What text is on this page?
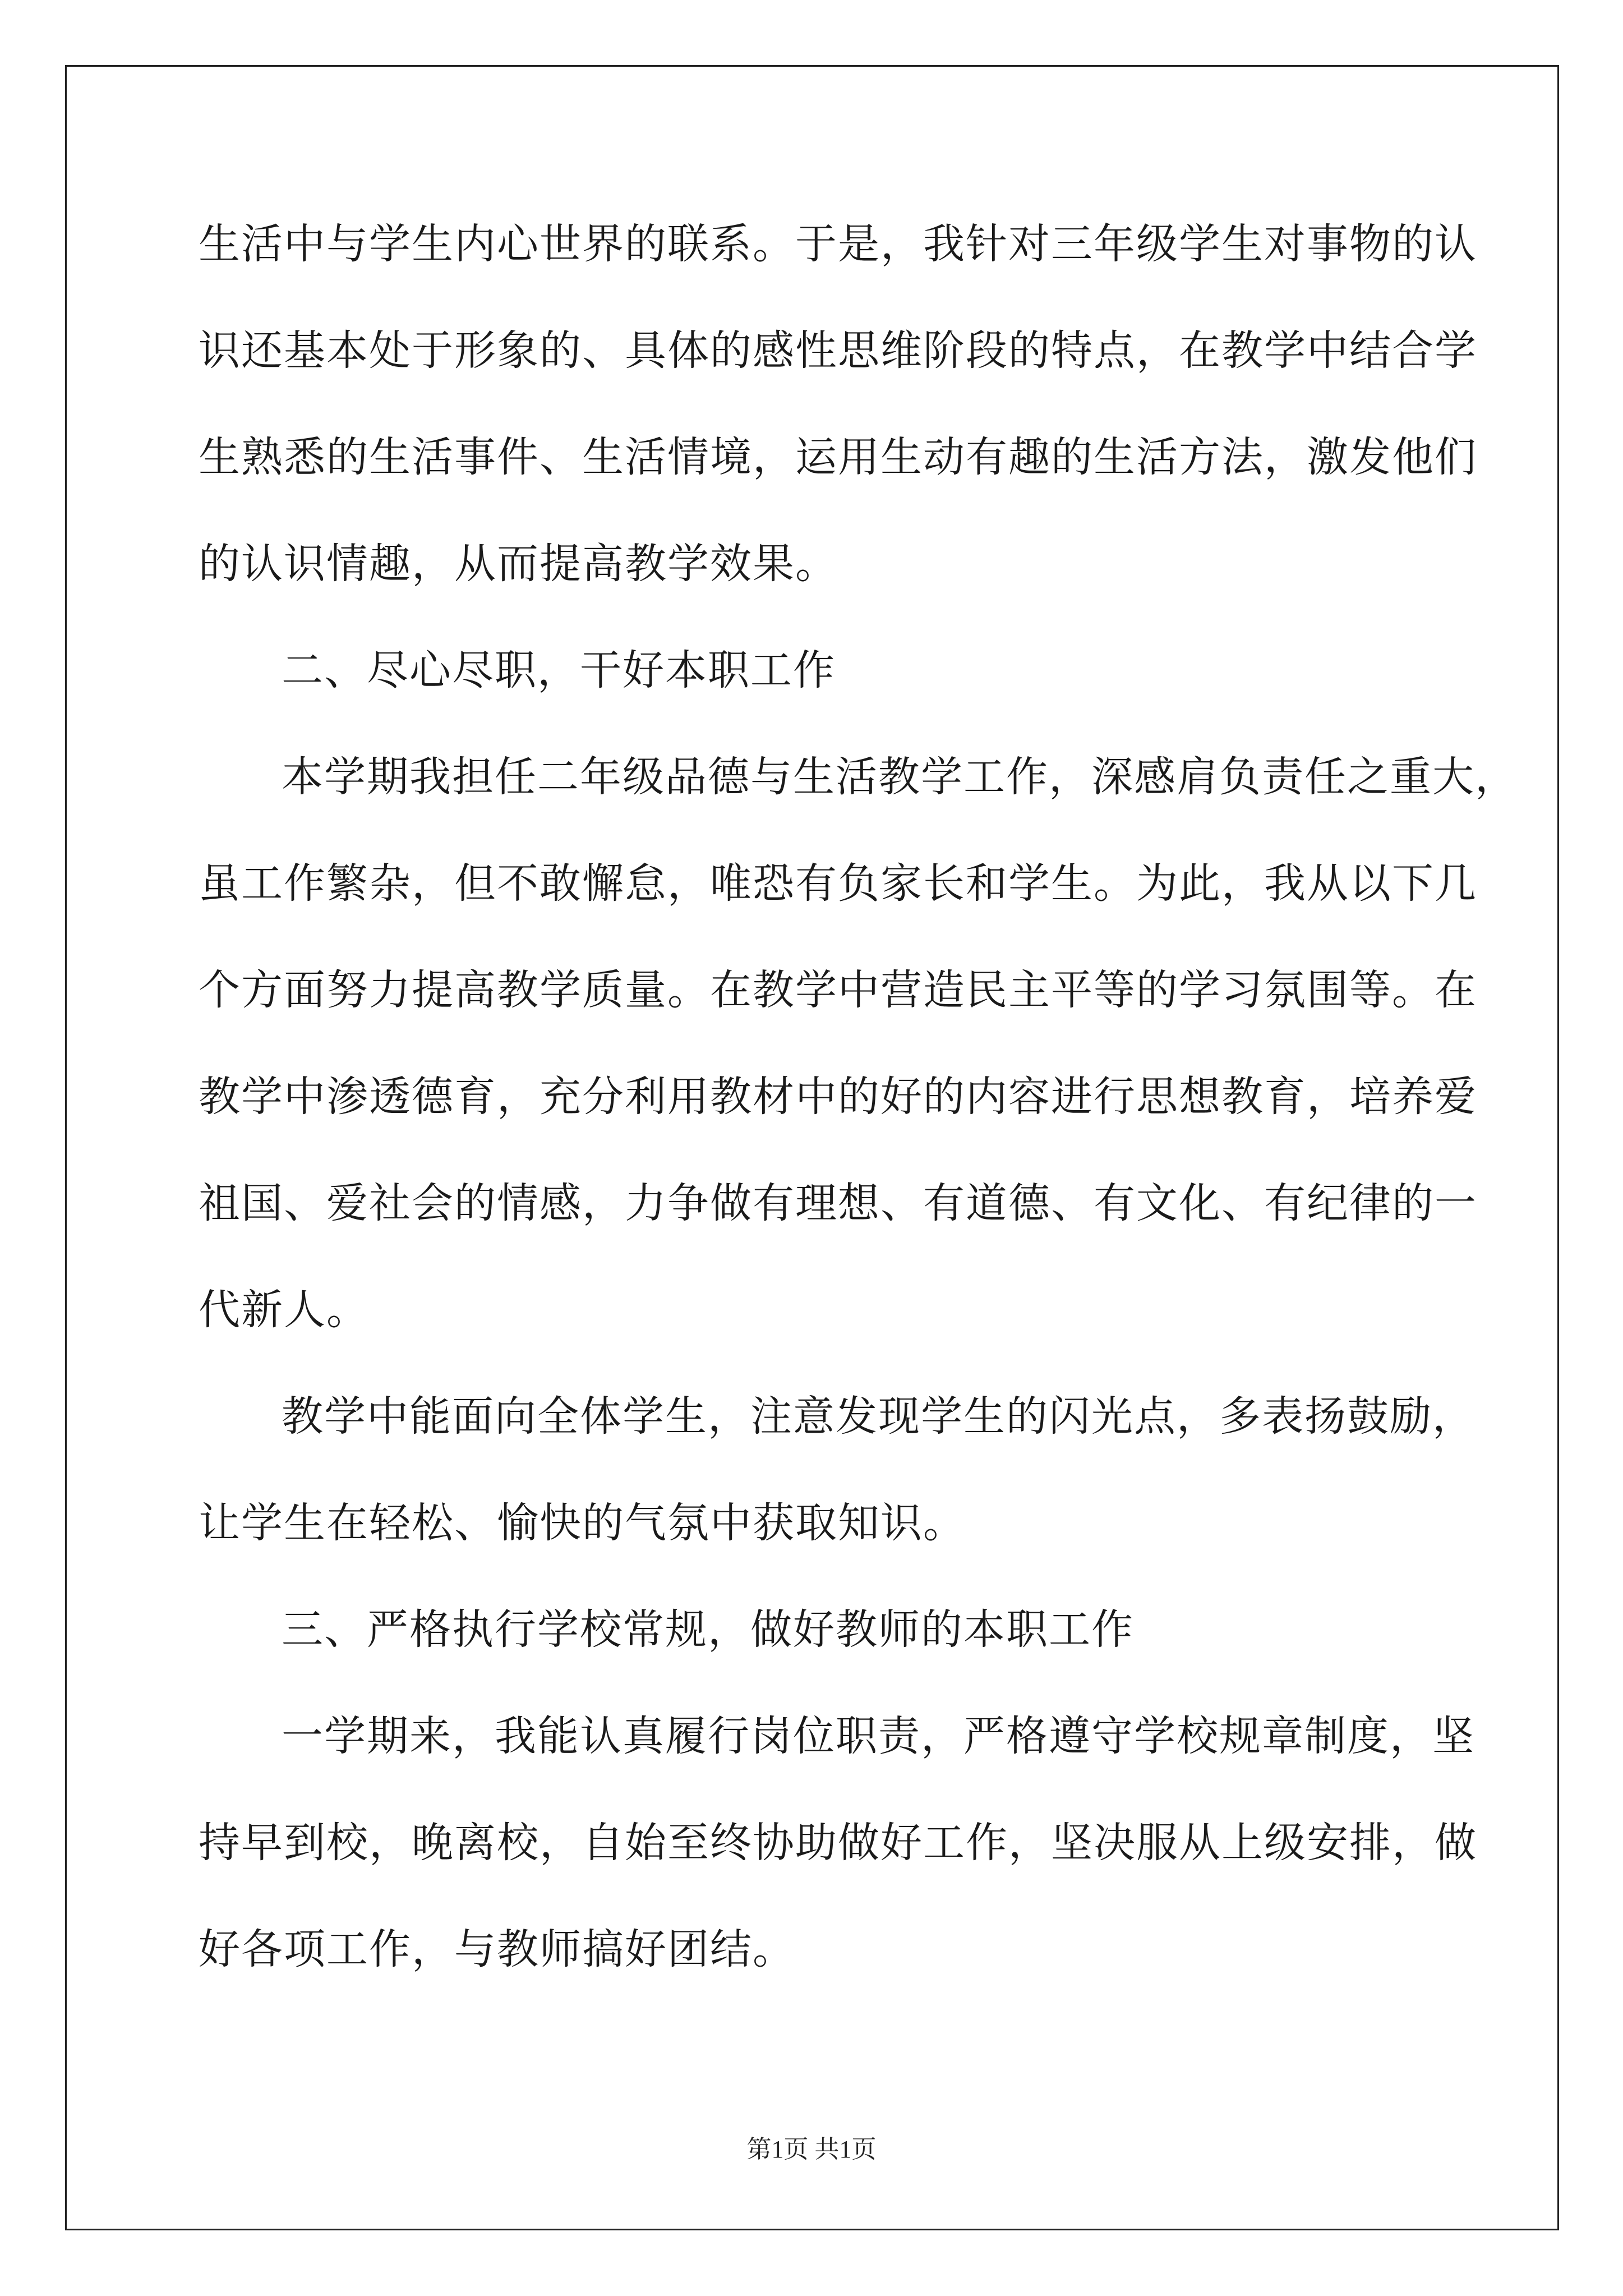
生活中与学生内心世界的联系。于是，我针对三年级学生对事物的认
识还基本处于形象的、具体的感性思维阶段的特点，在教学中结合学
生熟悉的生活事件、生活情境，运用生动有趣的生活方法，激发他们
的认识情趣，从而提高教学效果。
二、尽心尽职，干好本职工作
本学期我担任二年级品德与生活教学工作，深感肩负责任之重大，
虽工作繁杂，但不敢懈怠，唯恐有负家长和学生。为此，我从以下几
个方面努力提高教学质量。在教学中营造民主平等的学习氛围等。在
教学中渗透德育，充分利用教材中的好的内容进行思想教育，培养爱
祖国、爱社会的情感，力争做有理想、有道德、有文化、有纪律的一
代新人。
教学中能面向全体学生，注意发现学生的闪光点，多表扬鼓励，
让学生在轻松、愉快的气氛中获取知识。
三、严格执行学校常规，做好教师的本职工作
一学期来，我能认真履行岗位职责，严格遵守学校规章制度，坚
持早到校，晚离校，自始至终协助做好工作，坚决服从上级安排，做
好各项工作，与教师搞好团结。
第1页 共1页
